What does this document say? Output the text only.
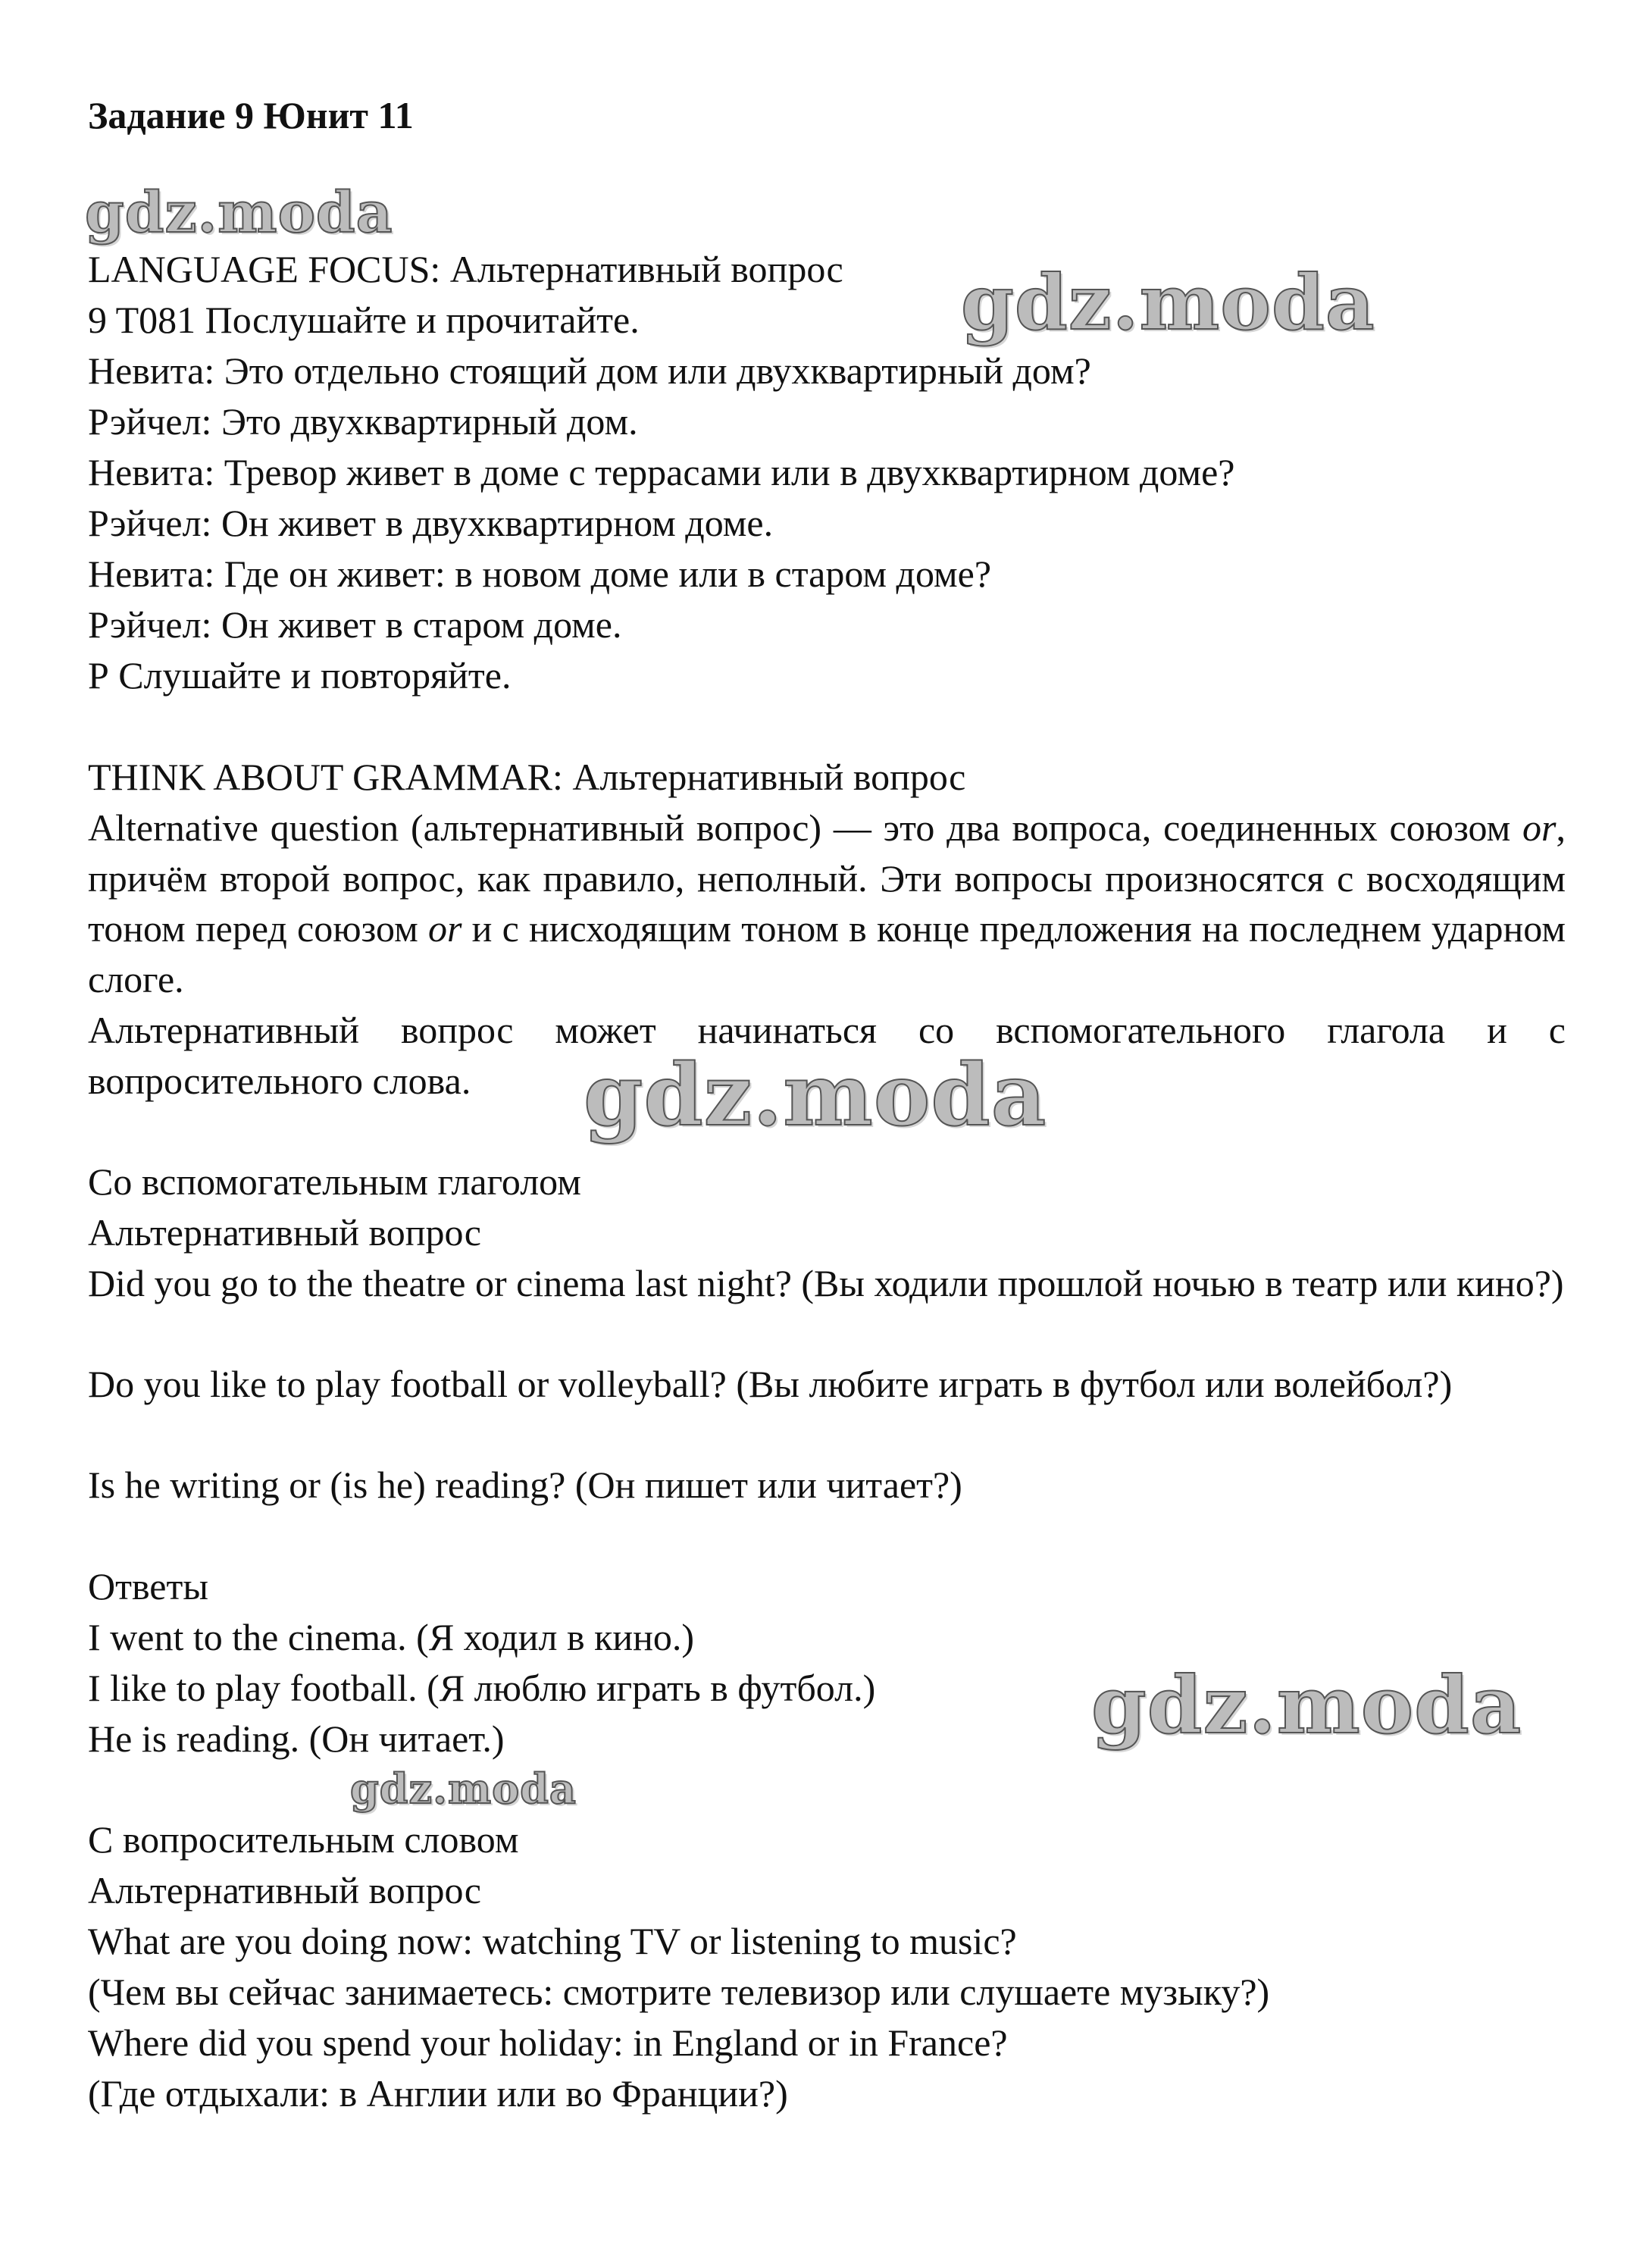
Задание 9 Юнит 11
gdz.moda
gdz.moda
gdz.moda
gdz.moda
gdz.moda
LANGUAGE FOCUS: Альтернативный вопрос
9 T081 Послушайте и прочитайте.
Невита: Это отдельно стоящий дом или двухквартирный дом?
Рэйчел: Это двухквартирный дом.
Невита: Тревор живет в доме с террасами или в двухквартирном доме?
Рэйчел: Он живет в двухквартирном доме.
Невита: Где он живет: в новом доме или в старом доме?
Рэйчел: Он живет в старом доме.
Р Слушайте и повторяйте.
THINK ABOUT GRAMMAR: Альтернативный вопрос
Alternative question (альтернативный вопрос) — это два вопроса, соединенных союзом or, причём второй вопрос, как правило, неполный. Эти вопросы произносятся с восходящим тоном перед союзом or и с нисходящим тоном в конце предложения на последнем ударном слоге.
Альтернативный вопрос может начинаться со вспомогательного глагола и с вопросительного слова.
Со вспомогательным глаголом
Альтернативный вопрос
Did you go to the theatre or cinema last night? (Вы ходили прошлой ночью в театр или кино?)
Do you like to play football or volleyball? (Вы любите играть в футбол или волейбол?)
Is he writing or (is he) reading? (Он пишет или читает?)
Ответы
I went to the cinema. (Я ходил в кино.)
I like to play football. (Я люблю играть в футбол.)
He is reading. (Он читает.)
С вопросительным словом
Альтернативный вопрос
What are you doing now: watching TV or listening to music?
(Чем вы сейчас занимаетесь: смотрите телевизор или слушаете музыку?)
Where did you spend your holiday: in England or in France?
(Где отдыхали: в Англии или во Франции?)
